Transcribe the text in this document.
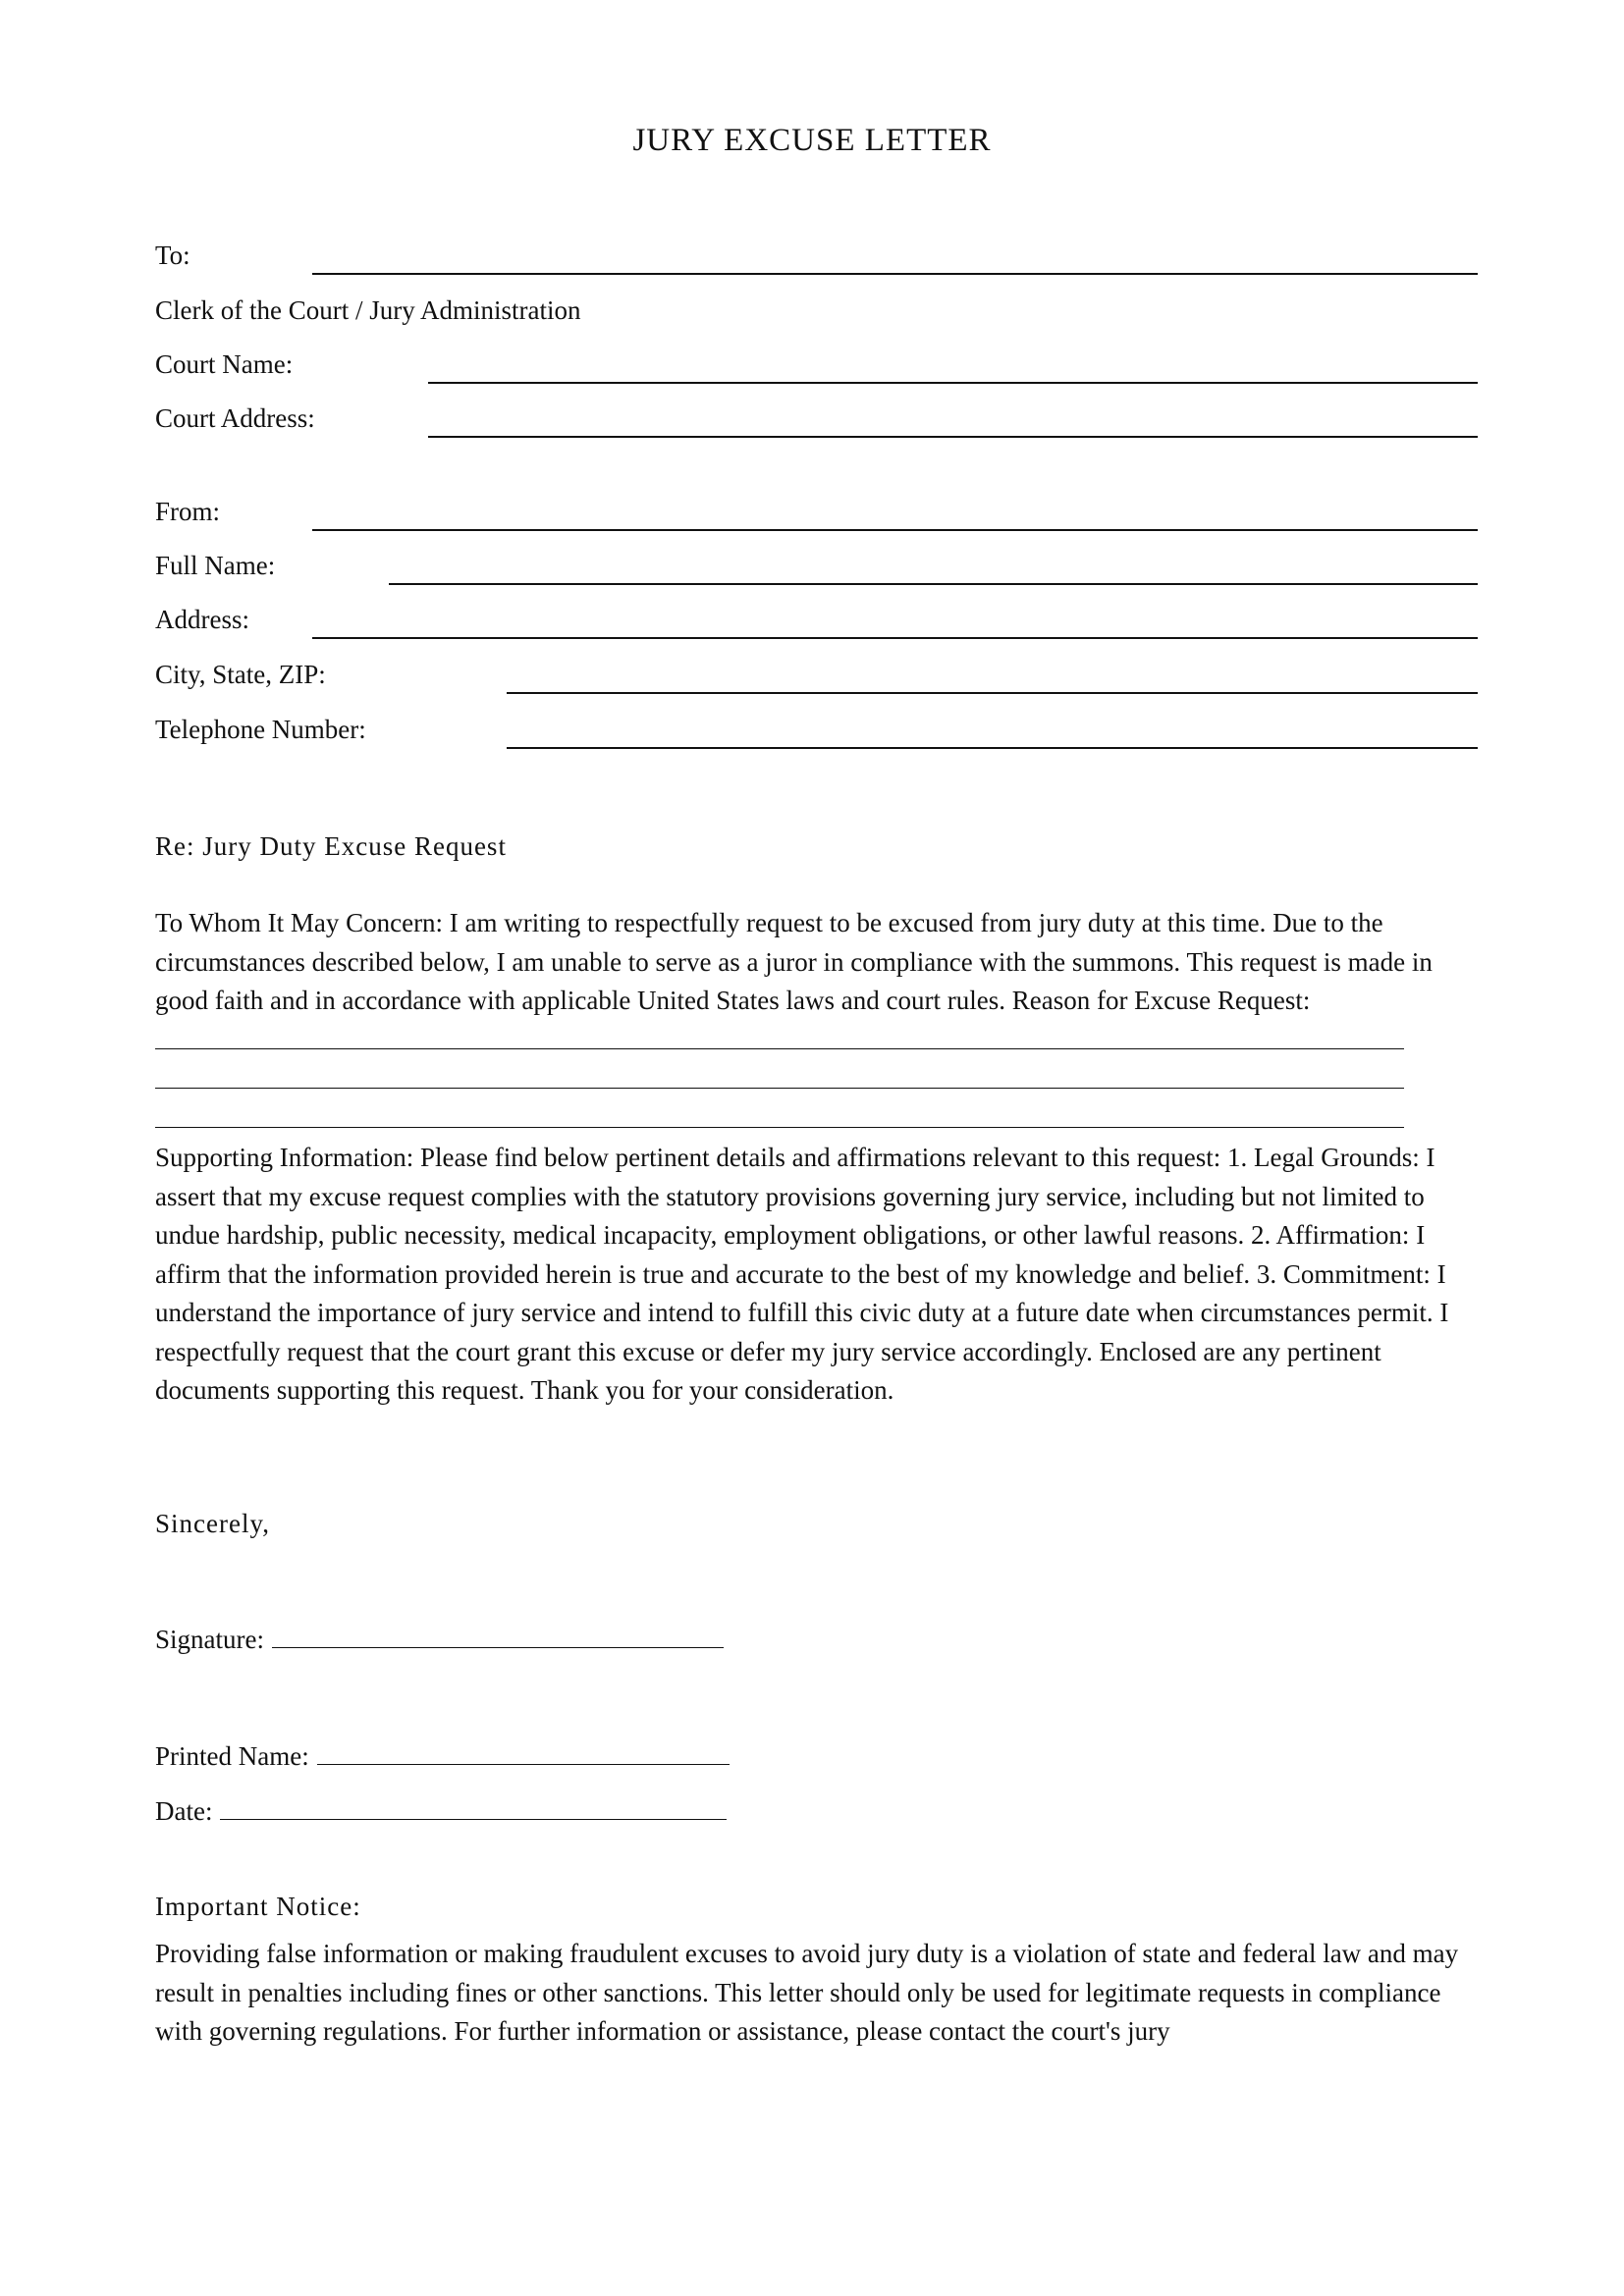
JURY EXCUSE LETTER
To:
Clerk of the Court / Jury Administration
Court Name:
Court Address:
From:
Full Name:
Address:
City, State, ZIP:
Telephone Number:
Re: Jury Duty Excuse Request
To Whom It May Concern: I am writing to respectfully request to be excused from jury duty at this time. Due to the circumstances described below, I am unable to serve as a juror in compliance with the summons. This request is made in good faith and in accordance with applicable United States laws and court rules. Reason for Excuse Request:
Supporting Information: Please find below pertinent details and affirmations relevant to this request: 1. Legal Grounds: I assert that my excuse request complies with the statutory provisions governing jury service, including but not limited to undue hardship, public necessity, medical incapacity, employment obligations, or other lawful reasons. 2. Affirmation: I affirm that the information provided herein is true and accurate to the best of my knowledge and belief. 3. Commitment: I understand the importance of jury service and intend to fulfill this civic duty at a future date when circumstances permit. I respectfully request that the court grant this excuse or defer my jury service accordingly. Enclosed are any pertinent documents supporting this request. Thank you for your consideration.
Sincerely,
Signature:
Printed Name:
Date:
Important Notice:
Providing false information or making fraudulent excuses to avoid jury duty is a violation of state and federal law and may result in penalties including fines or other sanctions. This letter should only be used for legitimate requests in compliance with governing regulations. For further information or assistance, please contact the court's jury
